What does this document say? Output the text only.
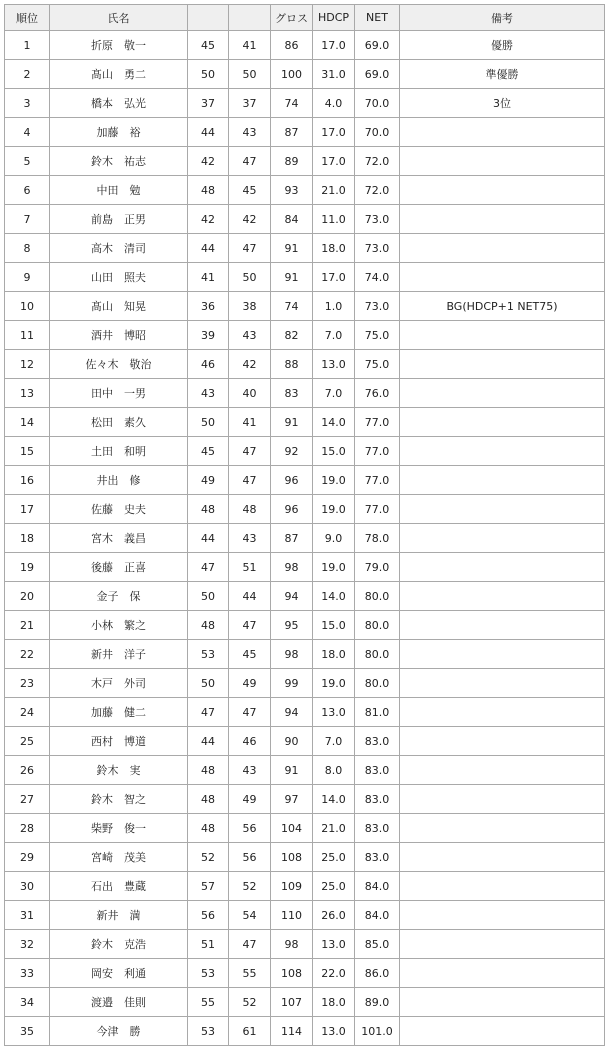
順位	氏名			グロス	HDCP	NET	備考
1	折原　敬一	45	41	86	17.0	69.0	優勝
2	髙山　勇二	50	50	100	31.0	69.0	準優勝
3	橋本　弘光	37	37	74	4.0	70.0	3位
4	加藤　裕	44	43	87	17.0	70.0	
5	鈴木　祐志	42	47	89	17.0	72.0	
6	中田　勉	48	45	93	21.0	72.0	
7	前島　正男	42	42	84	11.0	73.0	
8	高木　清司	44	47	91	18.0	73.0	
9	山田　照夫	41	50	91	17.0	74.0	
10	髙山　知晃	36	38	74	1.0	73.0	BG(HDCP+1 NET75)
11	酒井　博昭	39	43	82	7.0	75.0	
12	佐々木　敬治	46	42	88	13.0	75.0	
13	田中　一男	43	40	83	7.0	76.0	
14	松田　素久	50	41	91	14.0	77.0	
15	土田　和明	45	47	92	15.0	77.0	
16	井出　修	49	47	96	19.0	77.0	
17	佐藤　史夫	48	48	96	19.0	77.0	
18	宮木　義昌	44	43	87	9.0	78.0	
19	後藤　正喜	47	51	98	19.0	79.0	
20	金子　保	50	44	94	14.0	80.0	
21	小林　繁之	48	47	95	15.0	80.0	
22	新井　洋子	53	45	98	18.0	80.0	
23	木戸　外司	50	49	99	19.0	80.0	
24	加藤　健二	47	47	94	13.0	81.0	
25	西村　博道	44	46	90	7.0	83.0	
26	鈴木　実	48	43	91	8.0	83.0	
27	鈴木　智之	48	49	97	14.0	83.0	
28	柴野　俊一	48	56	104	21.0	83.0	
29	宮崎　茂美	52	56	108	25.0	83.0	
30	石出　豊蔵	57	52	109	25.0	84.0	
31	新井　満	56	54	110	26.0	84.0	
32	鈴木　克浩	51	47	98	13.0	85.0	
33	岡安　利通	53	55	108	22.0	86.0	
34	渡邉　佳則	55	52	107	18.0	89.0	
35	今津　勝	53	61	114	13.0	101.0	
